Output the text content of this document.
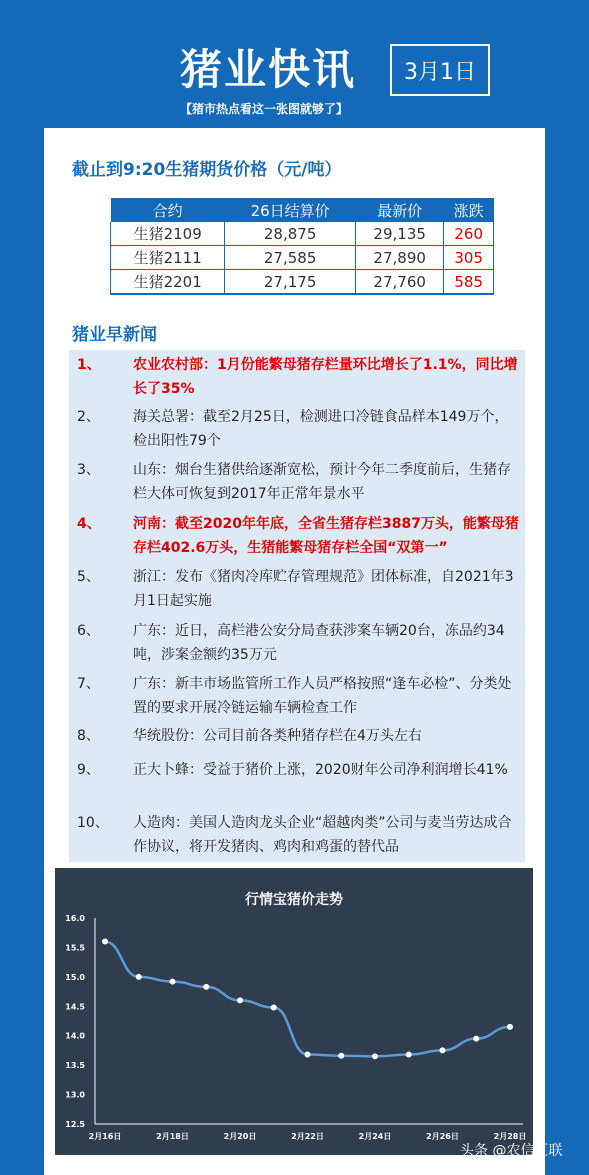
猪业快讯	3月1日
【猪市热点看这一张图就够了】
截止到9:20生猪期货价格（元/吨）
合约	26日结算价	最新价	涨跌
生猪2109	28,875	29,135	260
生猪2111	27,585	27,890	305
生猪2201	27,175	27,760	585
猪业早新闻
1、	农业农村部：1月份能繁母猪存栏量环比增长了1.1%，同比增长了35%
2、	海关总署：截至2月25日，检测进口冷链食品样本149万个，检出阳性79个
3、	山东：烟台生猪供给逐渐宽松，预计今年二季度前后，生猪存栏大体可恢复到2017年正常年景水平
4、	河南：截至2020年年底，全省生猪存栏3887万头，能繁母猪存栏402.6万头，生猪能繁母猪存栏全国“双第一”
5、	浙江：发布《猪肉冷库贮存管理规范》团体标准，自2021年3月1日起实施
6、	广东：近日，高栏港公安分局查获涉案车辆20台，冻品约34吨，涉案金额约35万元
7、	广东：新丰市场监管所工作人员严格按照“逢车必检”、分类处置的要求开展冷链运输车辆检查工作
8、	华统股份：公司目前各类种猪存栏在4万头左右
9、	正大卜蜂：受益于猪价上涨，2020财年公司净利润增长41%
10、	人造肉：美国人造肉龙头企业“超越肉类”公司与麦当劳达成合作协议，将开发猪肉、鸡肉和鸡蛋的替代品
行情宝猪价走势
16.0
15.5
15.0
14.5
14.0
13.5
13.0
12.5
2月16日	2月18日	2月20日	2月22日	2月24日	2月26日	2月28日
头条 @农信互联
